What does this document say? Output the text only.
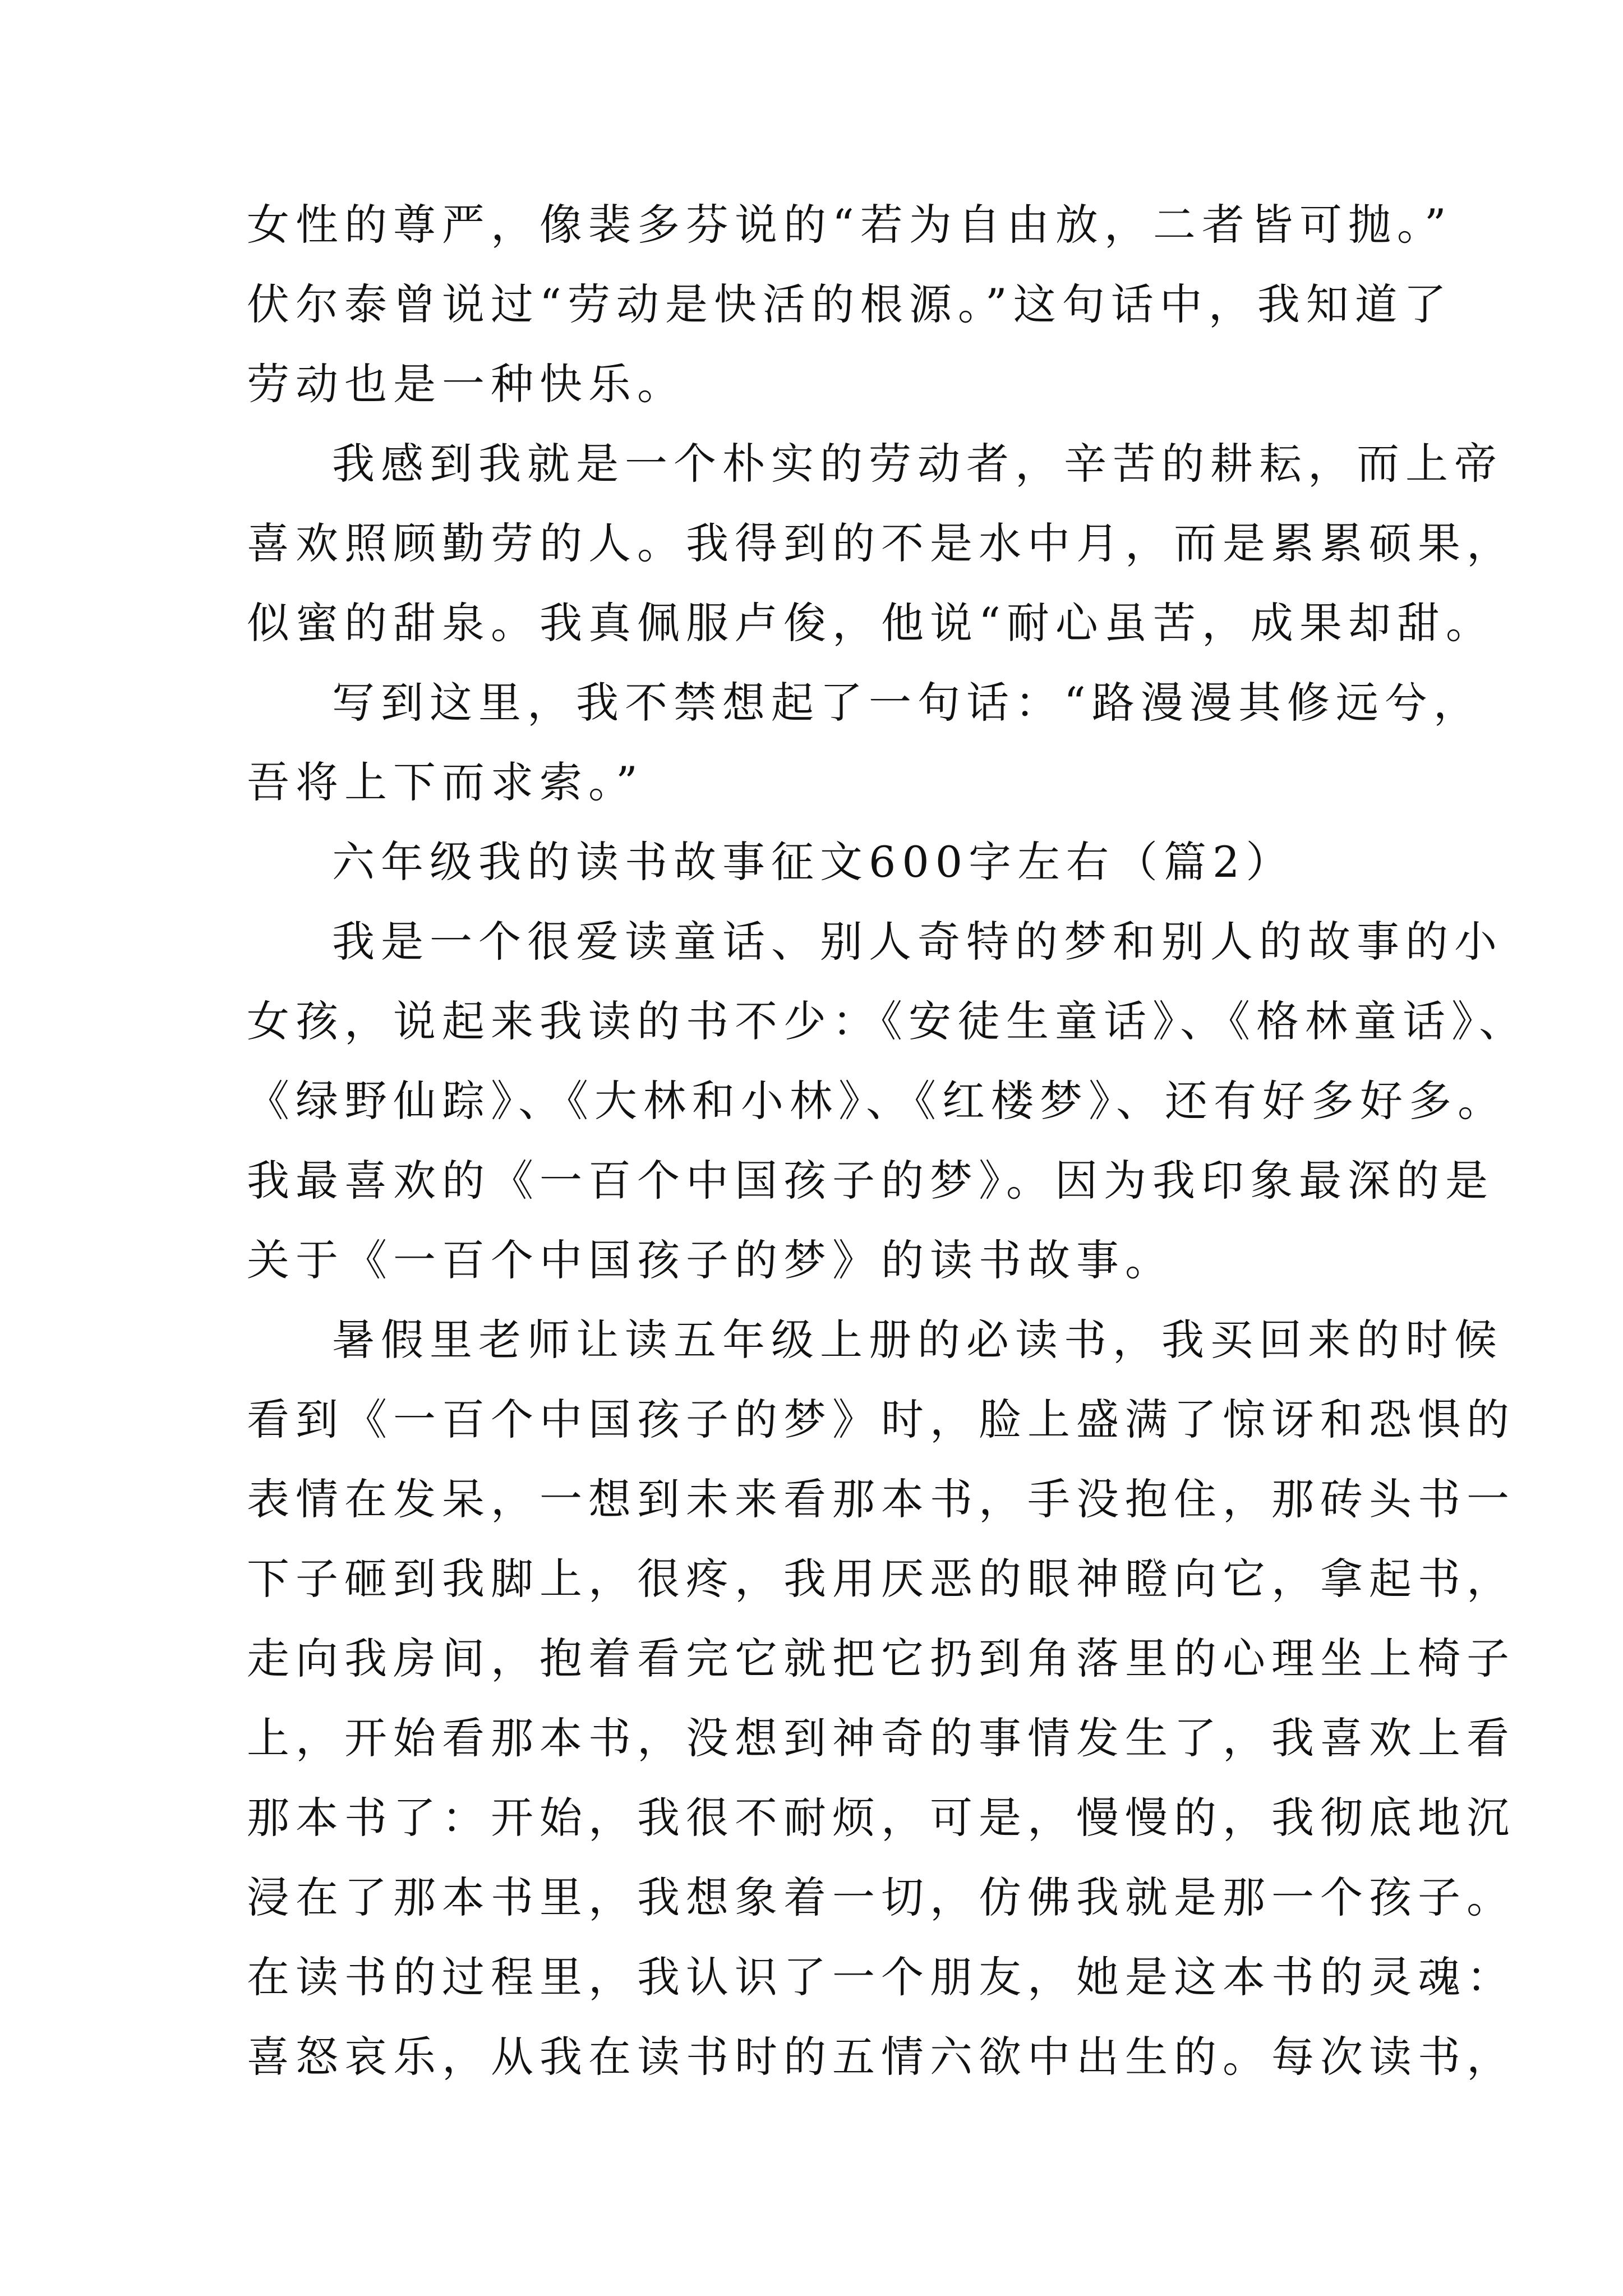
女性的尊严，像裴多芬说的“若为自由放，二者皆可抛。”
伏尔泰曾说过“劳动是快活的根源。”这句话中，我知道了
劳动也是一种快乐。
我感到我就是一个朴实的劳动者，辛苦的耕耘，而上帝
喜欢照顾勤劳的人。我得到的不是水中月，而是累累硕果，
似蜜的甜泉。我真佩服卢俊，他说“耐心虽苦，成果却甜。
写到这里，我不禁想起了一句话：“路漫漫其修远兮，
吾将上下而求索。”
六年级我的读书故事征文600字左右（篇2）
我是一个很爱读童话、别人奇特的梦和别人的故事的小
女孩，说起来我读的书不少：《安徒生童话》、《格林童话》、
《绿野仙踪》、《大林和小林》、《红楼梦》、还有好多好多。
我最喜欢的《一百个中国孩子的梦》。因为我印象最深的是
关于《一百个中国孩子的梦》的读书故事。
暑假里老师让读五年级上册的必读书，我买回来的时候
看到《一百个中国孩子的梦》时，脸上盛满了惊讶和恐惧的
表情在发呆，一想到未来看那本书，手没抱住，那砖头书一
下子砸到我脚上，很疼，我用厌恶的眼神瞪向它，拿起书，
走向我房间，抱着看完它就把它扔到角落里的心理坐上椅子
上，开始看那本书，没想到神奇的事情发生了，我喜欢上看
那本书了：开始，我很不耐烦，可是，慢慢的，我彻底地沉
浸在了那本书里，我想象着一切，仿佛我就是那一个孩子。
在读书的过程里，我认识了一个朋友，她是这本书的灵魂：
喜怒哀乐，从我在读书时的五情六欲中出生的。每次读书，
